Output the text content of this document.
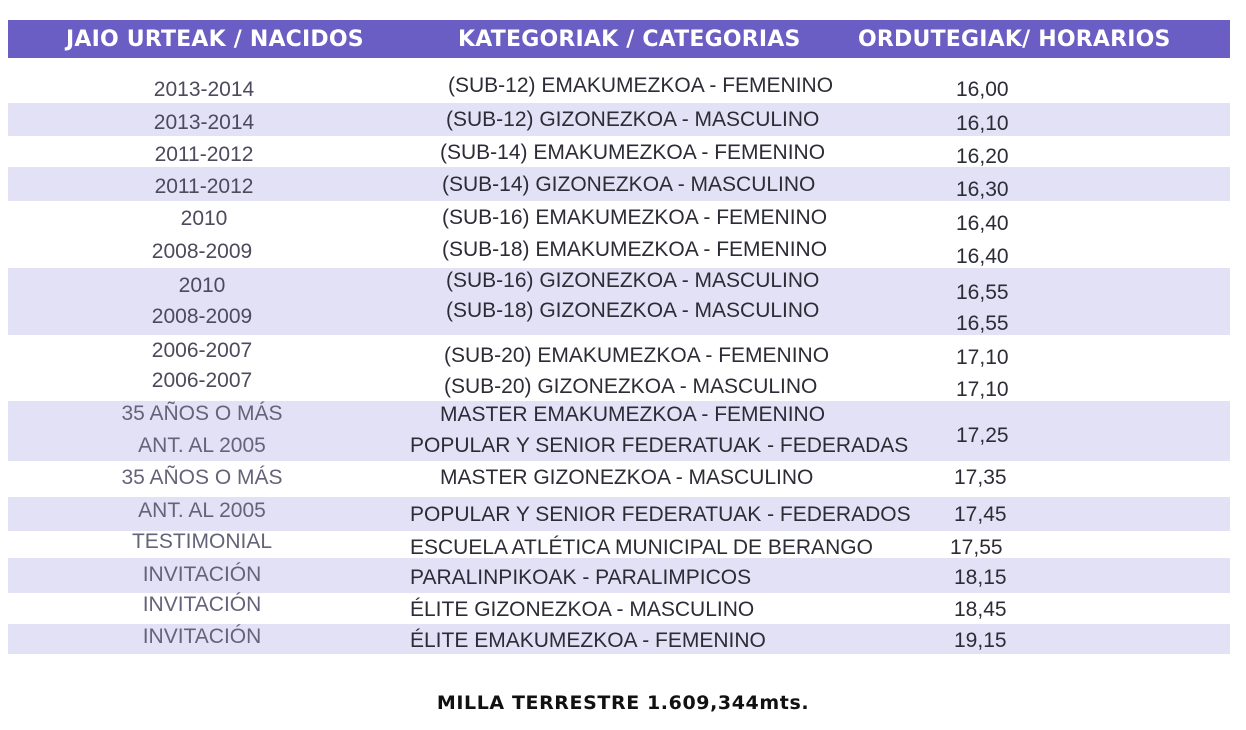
JAIO URTEAK / NACIDOS	KATEGORIAK / CATEGORIAS	ORDUTEGIAK/ HORARIOS
2013-2014
2013-2014
2011-2012
2011-2012
2010
2008-2009
2010
2008-2009
2006-2007
2006-2007
35 AÑOS O MÁS
ANT. AL 2005
35 AÑOS O MÁS
ANT. AL 2005
TESTIMONIAL
INVITACIÓN
INVITACIÓN
INVITACIÓN
(SUB-12) EMAKUMEZKOA - FEMENINO
(SUB-12) GIZONEZKOA - MASCULINO
(SUB-14) EMAKUMEZKOA - FEMENINO
(SUB-14) GIZONEZKOA - MASCULINO
(SUB-16) EMAKUMEZKOA - FEMENINO
(SUB-18) EMAKUMEZKOA - FEMENINO
(SUB-16) GIZONEZKOA - MASCULINO
(SUB-18) GIZONEZKOA - MASCULINO
(SUB-20) EMAKUMEZKOA - FEMENINO
(SUB-20) GIZONEZKOA - MASCULINO
MASTER EMAKUMEZKOA - FEMENINO
POPULAR Y SENIOR FEDERATUAK - FEDERADAS
MASTER GIZONEZKOA - MASCULINO
POPULAR Y SENIOR FEDERATUAK - FEDERADOS
ESCUELA ATLÉTICA MUNICIPAL DE BERANGO
PARALINPIKOAK - PARALIMPICOS
ÉLITE GIZONEZKOA - MASCULINO
ÉLITE EMAKUMEZKOA - FEMENINO
16,00
16,10
16,20
16,30
16,40
16,40
16,55
16,55
17,10
17,10
17,25
17,35
17,45
17,55
18,15
18,45
19,15
MILLA TERRESTRE 1.609,344mts.
